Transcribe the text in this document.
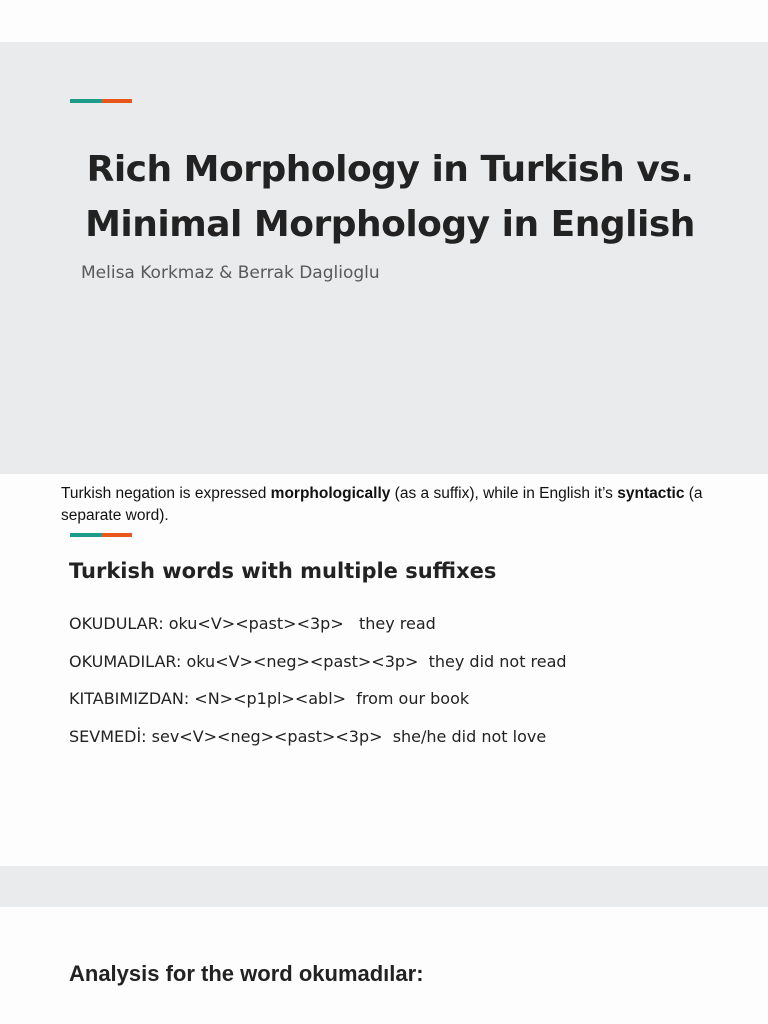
Rich Morphology in Turkish vs.
Minimal Morphology in English
Melisa Korkmaz & Berrak Daglioglu

Turkish negation is expressed morphologically (as a suffix), while in English it’s syntactic (a separate word).

Turkish words with multiple suffixes
OKUDULAR: oku<V><past><3p>   they read
OKUMADILAR: oku<V><neg><past><3p>  they did not read
KITABIMIZDAN: <N><p1pl><abl>  from our book
SEVMEDİ: sev<V><neg><past><3p>  she/he did not love
Analysis for the word okumadılar:
